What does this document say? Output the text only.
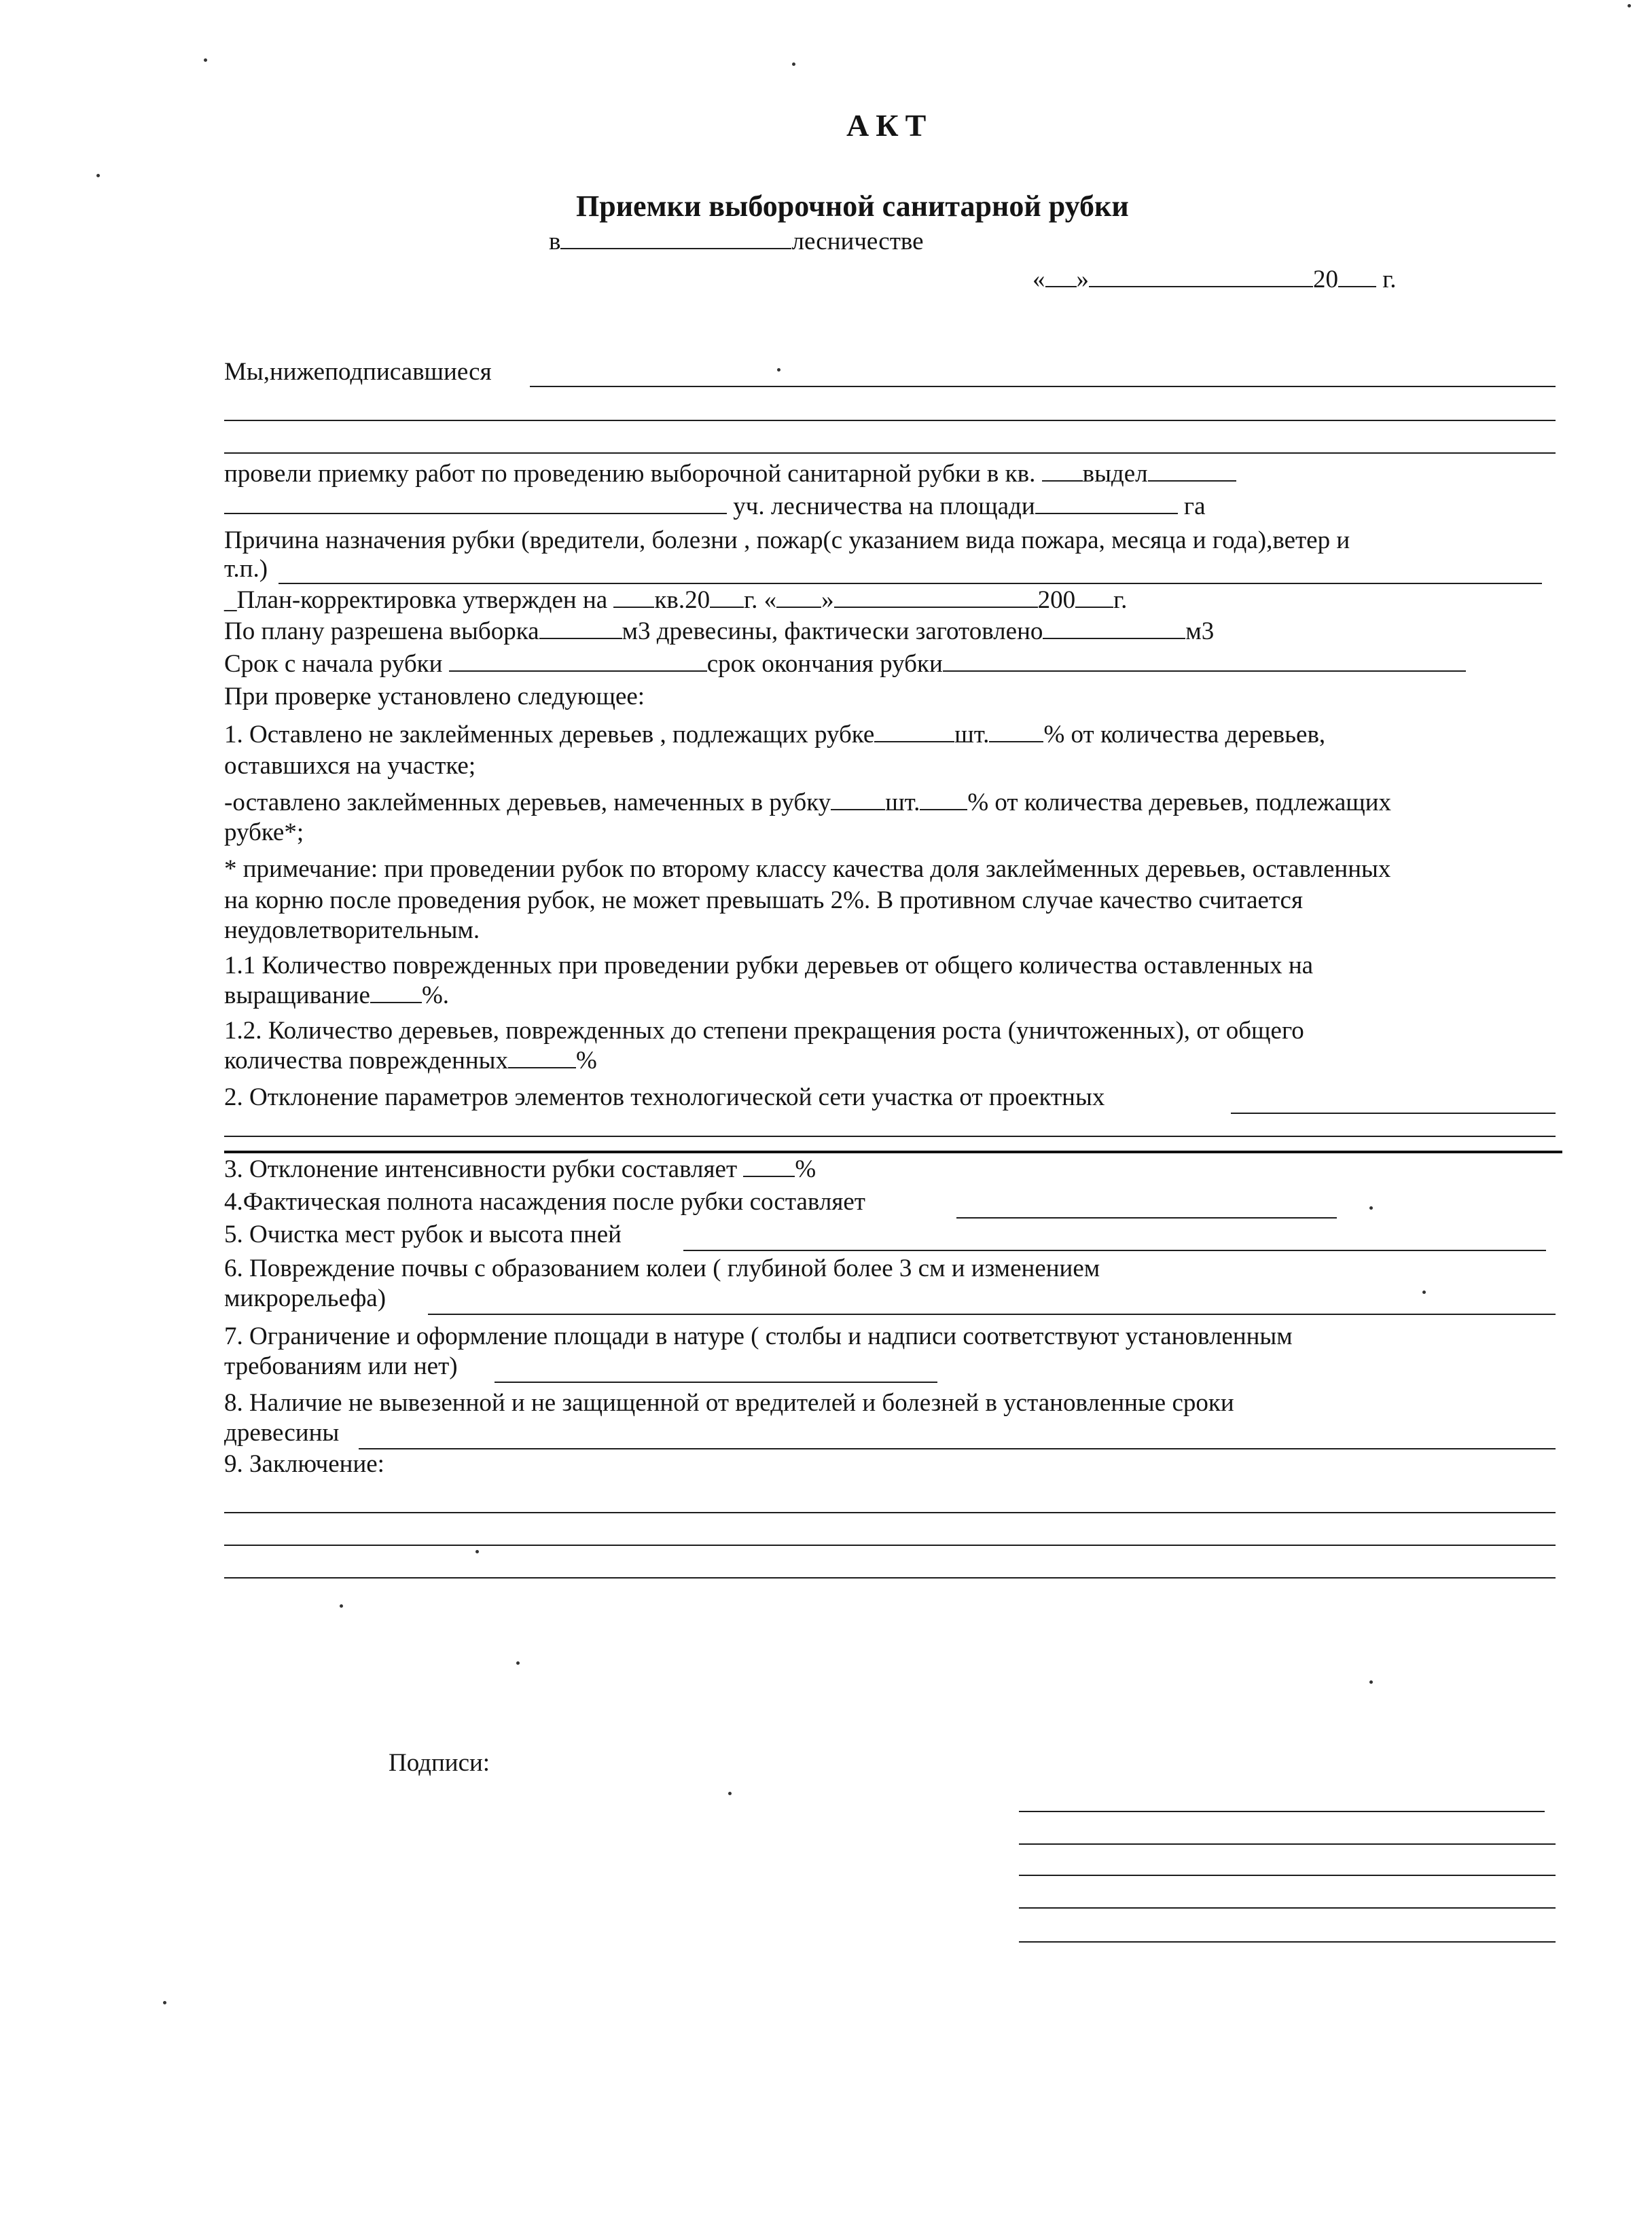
АКТ
Приемки выборочной санитарной рубки
в	лесничестве
« »	20 г.
Мы,нижеподписавшиеся
провели приемку работ по проведению выборочной санитарной рубки в кв. выдел
уч. лесничества на площади	га
Причина назначения рубки (вредители, болезни , пожар(с указанием вида пожара, месяца и года),ветер и
т.п.)
_План-корректировка утвержден на кв.20 г. « »	200 г.
По плану разрешена выборка	м3 древесины, фактически заготовлено	м3
Срок с начала рубки	срок окончания рубки
При проверке установлено следующее:
1. Оставлено не заклейменных деревьев , подлежащих рубке	шт. % от количества деревьев,
оставшихся на участке;
-оставлено заклейменных деревьев, намеченных в рубку шт. % от количества деревьев, подлежащих
рубке*;
* примечание: при проведении рубок по второму классу качества доля заклейменных деревьев, оставленных
на корню после проведения рубок, не может превышать 2%. В противном случае качество считается
неудовлетворительным.
1.1 Количество поврежденных при проведении рубки деревьев от общего количества оставленных на
выращивание %.
1.2. Количество деревьев, поврежденных до степени прекращения роста (уничтоженных), от общего
количества поврежденных	%
2. Отклонение параметров элементов технологической сети участка от проектных
3. Отклонение интенсивности рубки составляет %
4.Фактическая полнота насаждения после рубки составляет
5. Очистка мест рубок и высота пней
6. Повреждение почвы с образованием колеи ( глубиной более 3 см и изменением
микрорельефа)
7. Ограничение и оформление площади в натуре ( столбы и надписи соответствуют установленным
требованиям или нет)
8. Наличие не вывезенной и не защищенной от вредителей и болезней в установленные сроки
древесины
9. Заключение:
Подписи:
